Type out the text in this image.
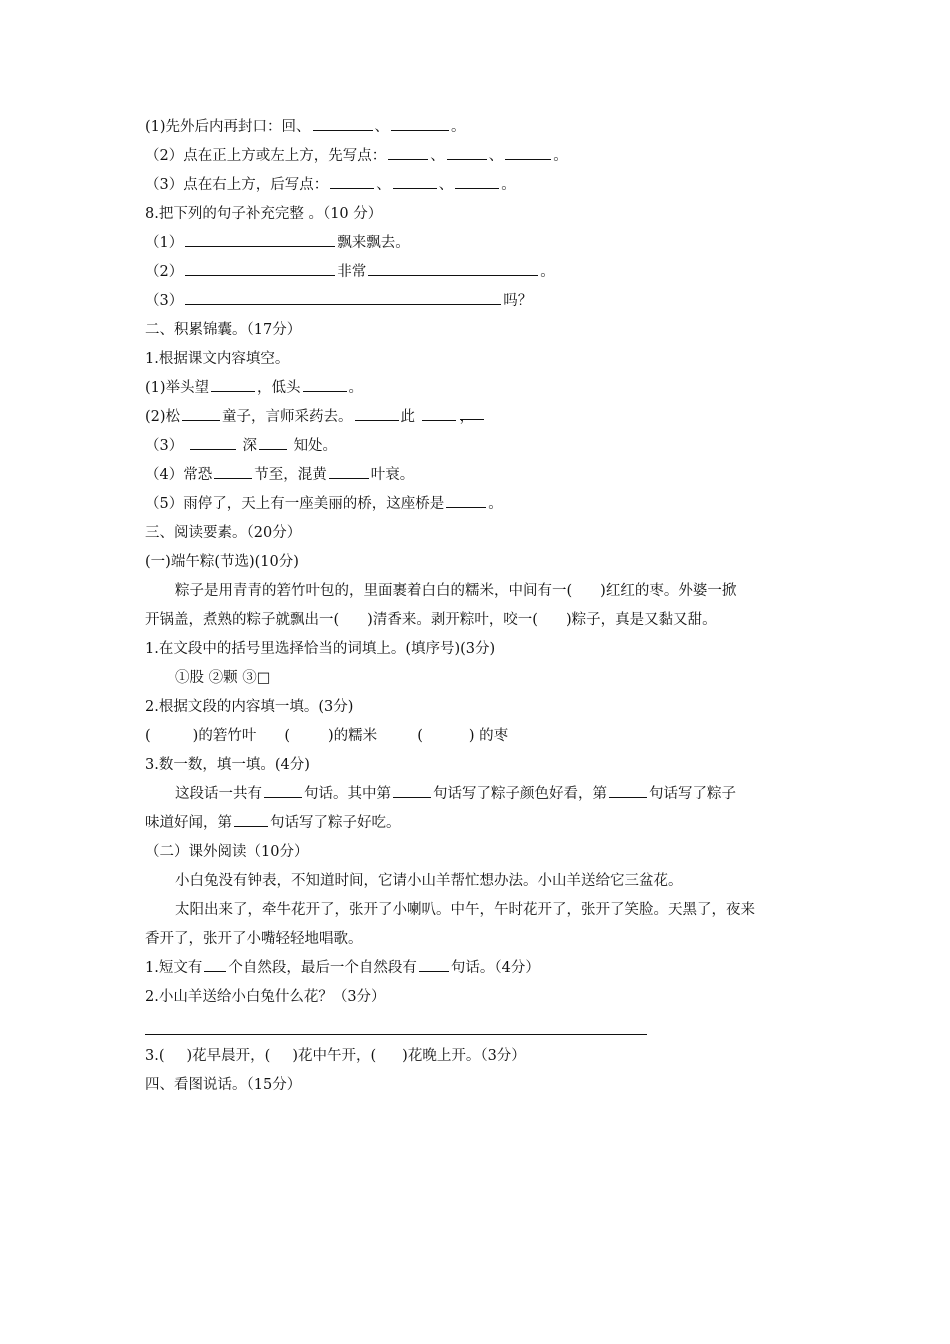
(1)先外后内再封口：回、	、	。
（2）点在正上方或左上方，先写点：	、	、	。
（3）点在右上方，后写点：	、	、	。
8.把下列的句子补充完整 。（10 分）
（1）	飘来飘去。
（2）	非常	。
（3）	吗？
二、积累锦囊。（17分）
1.根据课文内容填空。
(1)举头望	，低头	。
(2)松	童子，言师采药去。	此	，
（3）	深	知处。
（4）常恐	节至，混黄	叶衰。
（5）雨停了，天上有一座美丽的桥，这座桥是	。
三、阅读要素。（20分）
(一)端午粽(节选)(10分)
粽子是用青青的箬竹叶包的，里面裹着白白的糯米，中间有一( )红红的枣。外婆一掀
开锅盖，煮熟的粽子就飘出一( )清香来。剥开粽叶，咬一( )粽子，真是又黏又甜。
1.在文段中的括号里选择恰当的词填上。(填序号)(3分)
①股 ②颗 ③□
2.根据文段的内容填一填。(3分)
(	)的箬竹叶 (	)的糯米	(	) 的枣
3.数一数，填一填。(4分)
这段话一共有	句话。其中第	句话写了粽子颜色好看，第	句话写了粽子
味道好闻，第	句话写了粽子好吃。
（二）课外阅读（10分）
小白兔没有钟表，不知道时间，它请小山羊帮忙想办法。小山羊送给它三盆花。
太阳出来了，牵牛花开了，张开了小喇叭。中午，午时花开了，张开了笑脸。天黑了，夜来
香开了，张开了小嘴轻轻地唱歌。
1.短文有 个自然段，最后一个自然段有 句话。（4分）
2.小山羊送给小白兔什么花？（3分）
3.( )花早晨开，( )花中午开，( )花晚上开。（3分）
四、看图说话。（15分）
